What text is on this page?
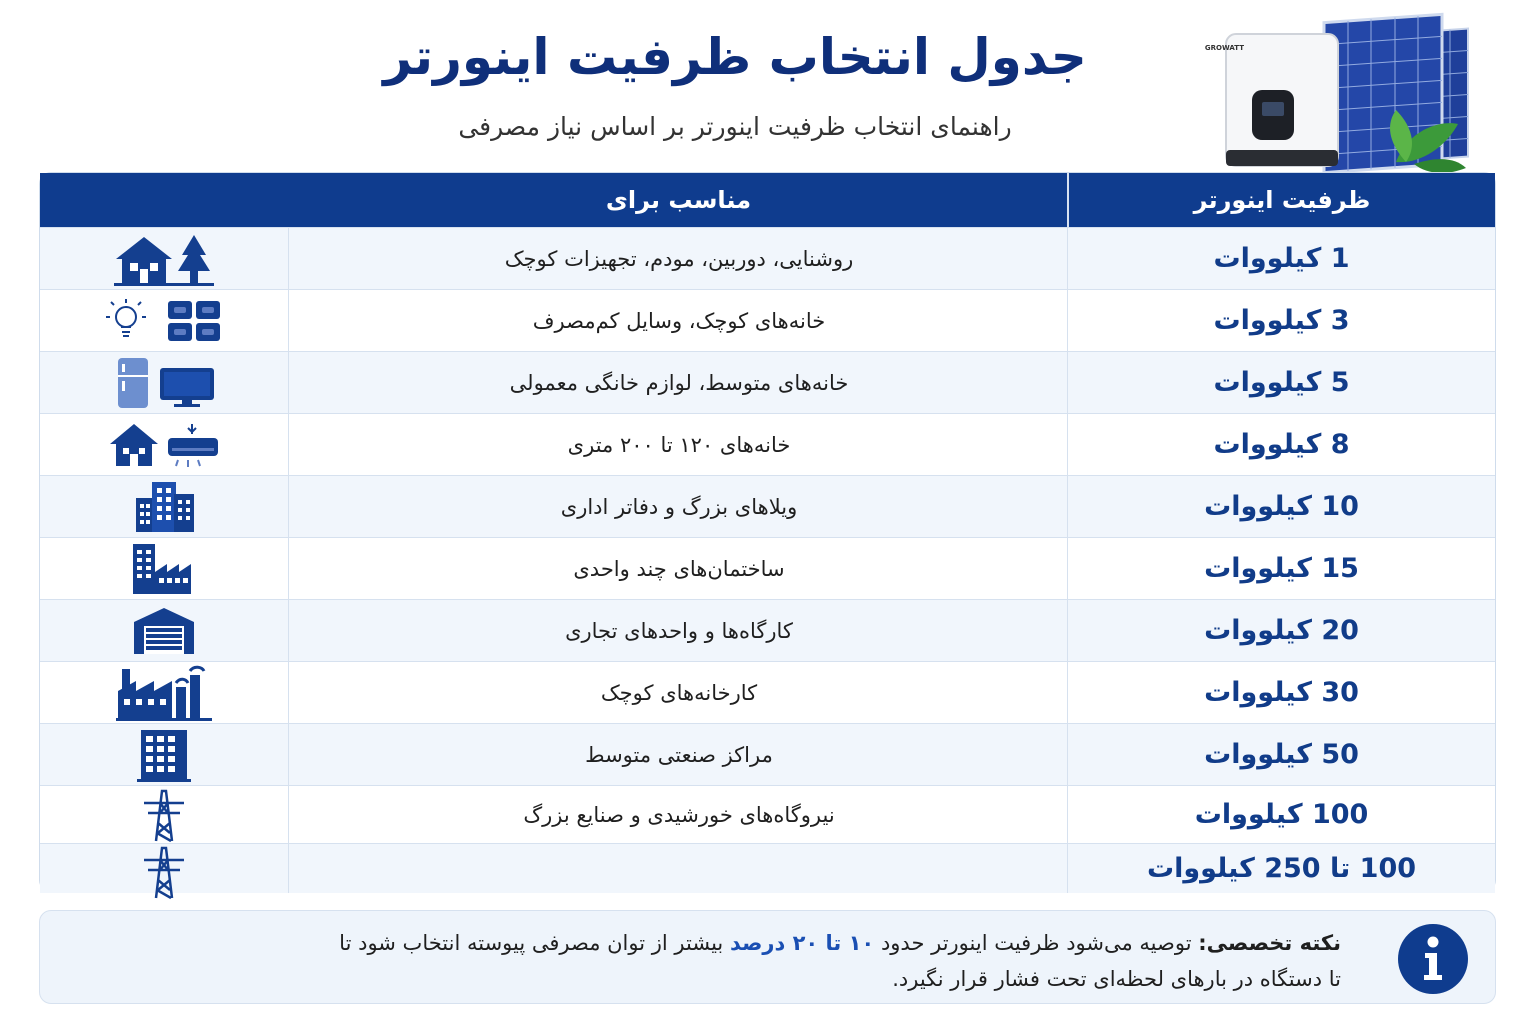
GROWATT
جدول انتخاب ظرفیت اینورتر
راهنمای انتخاب ظرفیت اینورتر بر اساس نیاز مصرفی
ظرفیت اینورتر
مناسب برای
1 کیلووات
روشنایی، دوربین، مودم، تجهیزات کوچک
3 کیلووات
خانه‌های کوچک، وسایل کم‌مصرف
5 کیلووات
خانه‌های متوسط، لوازم خانگی معمولی
8 کیلووات
خانه‌های ۱۲۰ تا ۲۰۰ متری
10 کیلووات
ویلاهای بزرگ و دفاتر اداری
15 کیلووات
ساختمان‌های چند واحدی
20 کیلووات
کارگاه‌ها و واحدهای تجاری
30 کیلووات
کارخانه‌های کوچک
50 کیلووات
مراکز صنعتی متوسط
100 کیلووات
نیروگاه‌های خورشیدی و صنایع بزرگ
100 تا 250 کیلووات
نکته تخصصی: توصیه می‌شود ظرفیت اینورتر حدود ۱۰ تا ۲۰ درصد بیشتر از توان مصرفی پیوسته انتخاب شود تا
تا دستگاه در بارهای لحظه‌ای تحت فشار قرار نگیرد.
